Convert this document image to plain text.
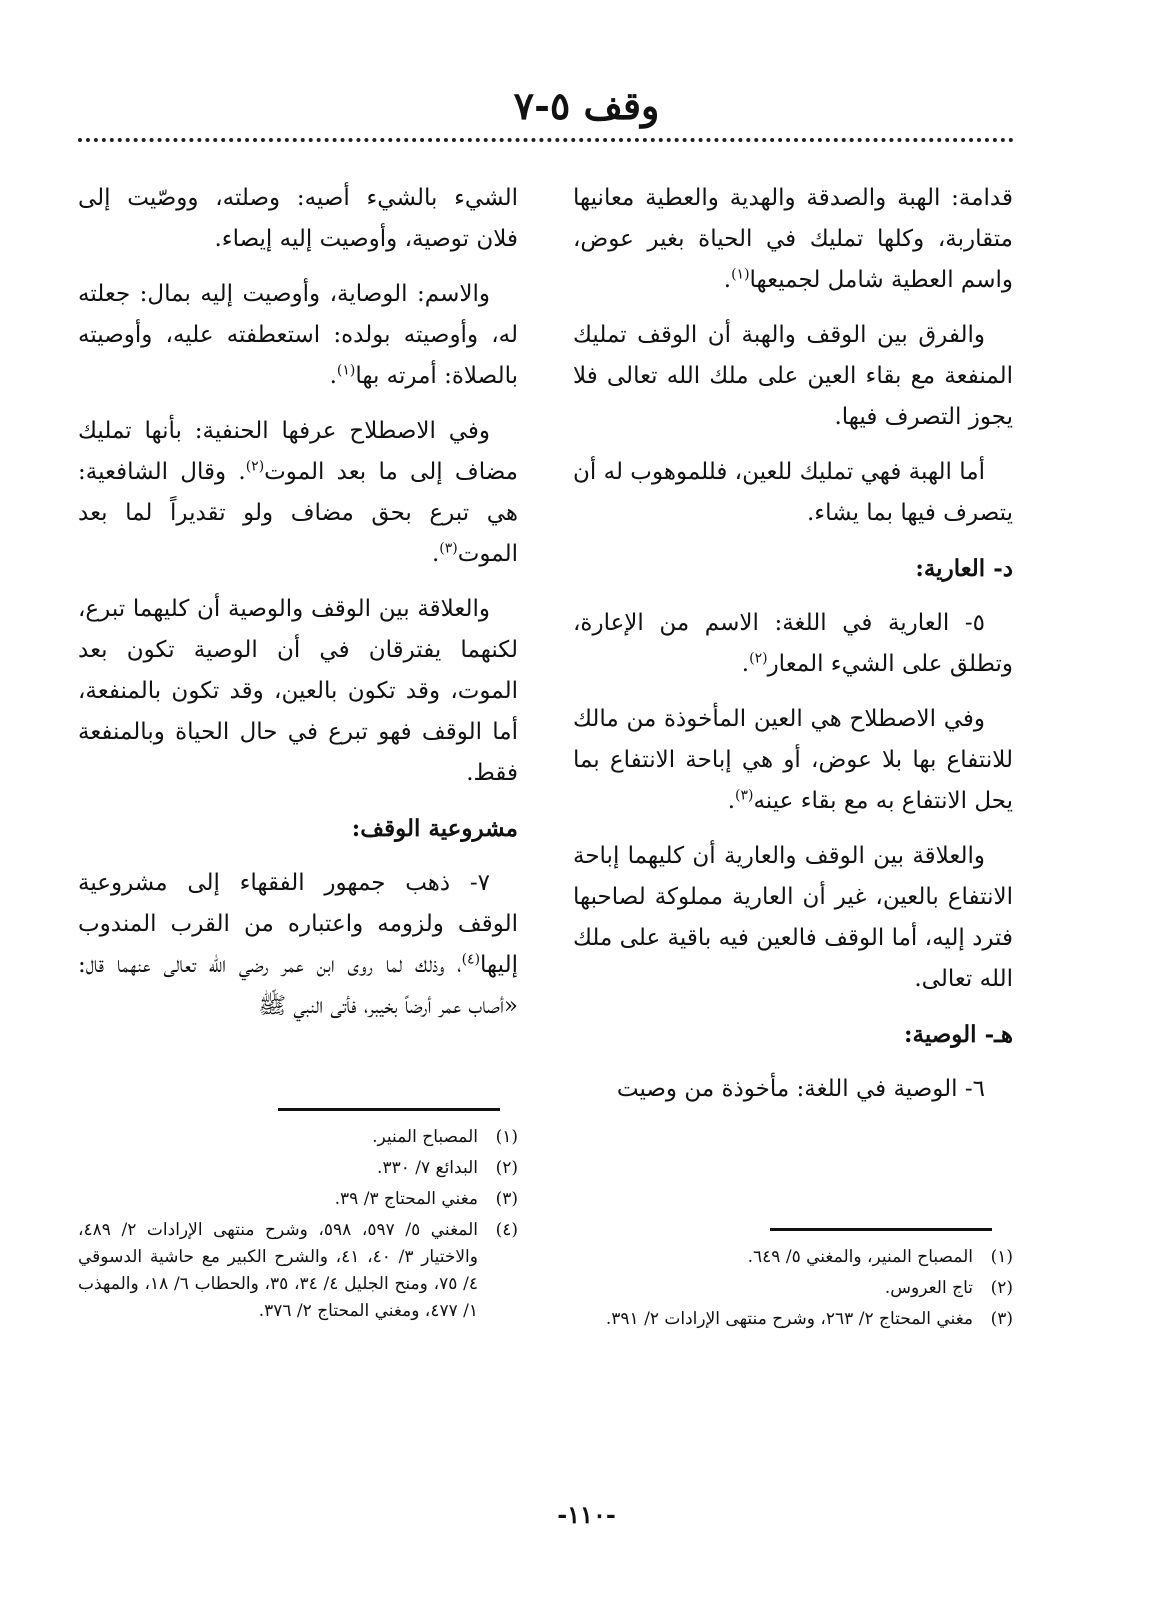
وقف ٥-٧

قدامة: الهبة والصدقة والهدية والعطية معانيها متقاربة، وكلها تمليك في الحياة بغير عوض، واسم العطية شامل لجميعها$^{(١)}$.

والفرق بين الوقف والهبة أن الوقف تمليك المنفعة مع بقاء العين على ملك الله تعالى فلا يجوز التصرف فيها.

أما الهبة فهي تمليك للعين، فللموهوب له أن يتصرف فيها بما يشاء.

د- العارية:

٥- العارية في اللغة: الاسم من الإعارة، وتطلق على الشيء المعار$^{(٢)}$.

وفي الاصطلاح هي العين المأخوذة من مالك للانتفاع بها بلا عوض، أو هي إباحة الانتفاع بما يحل الانتفاع به مع بقاء عينه$^{(٣)}$.

والعلاقة بين الوقف والعارية أن كليهما إباحة الانتفاع بالعين، غير أن العارية مملوكة لصاحبها فترد إليه، أما الوقف فالعين فيه باقية على ملك الله تعالى.

هـ- الوصية:

٦- الوصية في اللغة: مأخوذة من وصيت

الشيء بالشيء أصيه: وصلته، ووصّيت إلى فلان توصية، وأوصيت إليه إيصاء.

والاسم: الوصاية، وأوصيت إليه بمال: جعلته له، وأوصيته بولده: استعطفته عليه، وأوصيته بالصلاة: أمرته بها$^{(١)}$.

وفي الاصطلاح عرفها الحنفية: بأنها تمليك مضاف إلى ما بعد الموت$^{(٢)}$. وقال الشافعية: هي تبرع بحق مضاف ولو تقديراً لما بعد الموت$^{(٣)}$.

والعلاقة بين الوقف والوصية أن كليهما تبرع، لكنهما يفترقان في أن الوصية تكون بعد الموت، وقد تكون بالعين، وقد تكون بالمنفعة، أما الوقف فهو تبرع في حال الحياة وبالمنفعة فقط.

مشروعية الوقف:

٧- ذهب جمهور الفقهاء إلى مشروعية الوقف ولزومه واعتباره من القرب المندوب إليها$^{(٤)}$، وذلك لما روى ابن عمر رضي الله تعالى عنهما قال: «أصاب عمر أرضاً بخيبر، فأتى النبي ﷺ

(١)
المصباح المنير.
(٢)
البدائع ٧/ ٣٣٠.
(٣)
مغني المحتاج ٣/ ٣٩.
(٤)
المغني ٥/ ٥٩٧، ٥٩٨، وشرح منتهى الإرادات ٢/ ٤٨٩، والاختيار ٣/ ٤٠، ٤١، والشرح الكبير مع حاشية الدسوقي ٤/ ٧٥، ومنح الجليل ٤/ ٣٤، ٣٥، والحطاب ٦/ ١٨، والمهذب ١/ ٤٧٧، ومغني المحتاج ٢/ ٣٧٦.
(١)
المصباح المنير، والمغني ٥/ ٦٤٩.
(٢)
تاج العروس.
(٣)
مغني المحتاج ٢/ ٢٦٣، وشرح منتهى الإرادات ٢/ ٣٩١.
-١١٠-
